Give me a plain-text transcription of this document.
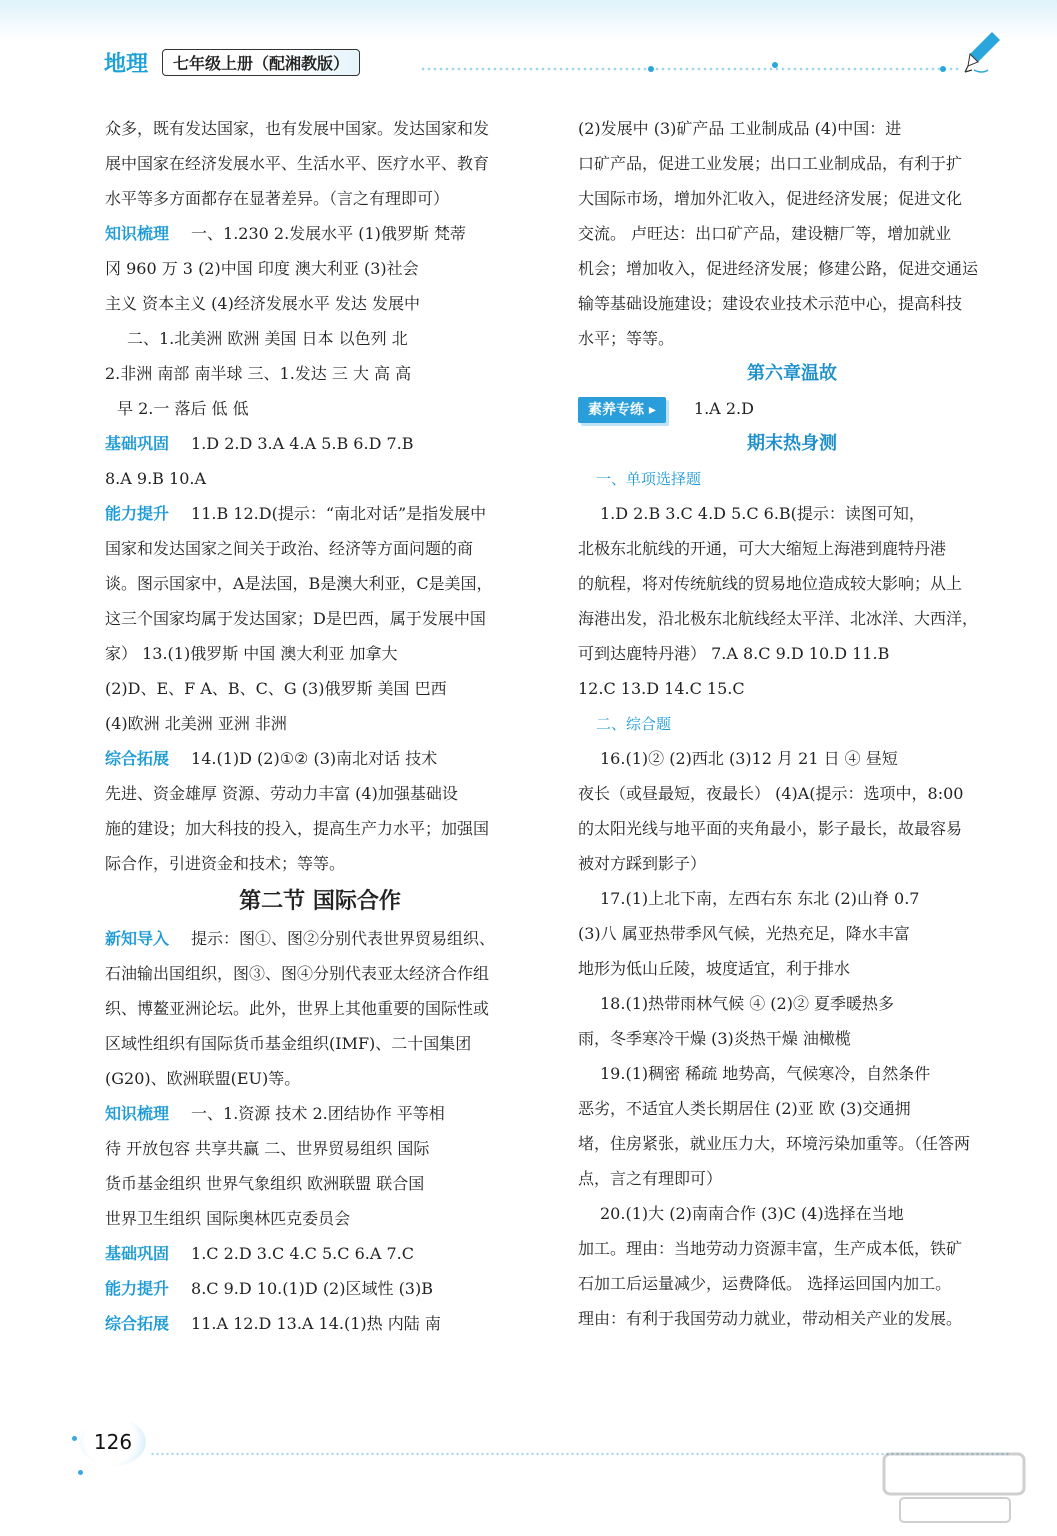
地理	七年级上册（配湘教版）
众多，既有发达国家，也有发展中国家。发达国家和发
展中国家在经济发展水平、生活水平、医疗水平、教育
水平等多方面都存在显著差异。（言之有理即可）
知识梳理 一、1.230 2.发展水平 (1)俄罗斯 梵蒂
冈 960 万 3 (2)中国 印度 澳大利亚 (3)社会
主义 资本主义 (4)经济发展水平 发达 发展中
二、1.北美洲 欧洲 美国 日本 以色列 北
2.非洲 南部 南半球 三、1.发达 三 大 高 高
早 2.一 落后 低 低
基础巩固 1.D 2.D 3.A 4.A 5.B 6.D 7.B
8.A 9.B 10.A
能力提升 11.B 12.D(提示：“南北对话”是指发展中
国家和发达国家之间关于政治、经济等方面问题的商
谈。图示国家中，A是法国，B是澳大利亚，C是美国，
这三个国家均属于发达国家；D是巴西，属于发展中国
家） 13.(1)俄罗斯 中国 澳大利亚 加拿大
(2)D、E、F A、B、C、G (3)俄罗斯 美国 巴西
(4)欧洲 北美洲 亚洲 非洲
综合拓展 14.(1)D (2)①② (3)南北对话 技术
先进、资金雄厚 资源、劳动力丰富 (4)加强基础设
施的建设；加大科技的投入，提高生产力水平；加强国
际合作，引进资金和技术；等等。
第二节 国际合作
新知导入 提示：图①、图②分别代表世界贸易组织、
石油输出国组织，图③、图④分别代表亚太经济合作组
织、博鳌亚洲论坛。此外，世界上其他重要的国际性或
区域性组织有国际货币基金组织(IMF)、二十国集团
(G20)、欧洲联盟(EU)等。
知识梳理 一、1.资源 技术 2.团结协作 平等相
待 开放包容 共享共赢 二、世界贸易组织 国际
货币基金组织 世界气象组织 欧洲联盟 联合国
世界卫生组织 国际奥林匹克委员会
基础巩固 1.C 2.D 3.C 4.C 5.C 6.A 7.C
能力提升 8.C 9.D 10.(1)D (2)区域性 (3)B
综合拓展 11.A 12.D 13.A 14.(1)热 内陆 南
(2)发展中 (3)矿产品 工业制成品 (4)中国：进
口矿产品，促进工业发展；出口工业制成品，有利于扩
大国际市场，增加外汇收入，促进经济发展；促进文化
交流。 卢旺达：出口矿产品，建设糖厂等，增加就业
机会；增加收入，促进经济发展；修建公路，促进交通运
输等基础设施建设；建设农业技术示范中心，提高科技
水平；等等。
第六章温故
素养专练 ▸ 1.A 2.D
期末热身测
一、单项选择题
1.D 2.B 3.C 4.D 5.C 6.B(提示：读图可知，
北极东北航线的开通，可大大缩短上海港到鹿特丹港
的航程，将对传统航线的贸易地位造成较大影响；从上
海港出发，沿北极东北航线经太平洋、北冰洋、大西洋，
可到达鹿特丹港） 7.A 8.C 9.D 10.D 11.B
12.C 13.D 14.C 15.C
二、综合题
16.(1)② (2)西北 (3)12 月 21 日 ④ 昼短
夜长（或昼最短，夜最长） (4)A(提示：选项中，8:00
的太阳光线与地平面的夹角最小，影子最长，故最容易
被对方踩到影子）
17.(1)上北下南，左西右东 东北 (2)山脊 0.7
(3)八 属亚热带季风气候，光热充足，降水丰富
地形为低山丘陵，坡度适宜，利于排水
18.(1)热带雨林气候 ④ (2)② 夏季暖热多
雨，冬季寒冷干燥 (3)炎热干燥 油橄榄
19.(1)稠密 稀疏 地势高，气候寒冷，自然条件
恶劣，不适宜人类长期居住 (2)亚 欧 (3)交通拥
堵，住房紧张，就业压力大，环境污染加重等。（任答两
点，言之有理即可）
20.(1)大 (2)南南合作 (3)C (4)选择在当地
加工。理由：当地劳动力资源丰富，生产成本低，铁矿
石加工后运量减少，运费降低。 选择运回国内加工。
理由：有利于我国劳动力就业，带动相关产业的发展。
126
